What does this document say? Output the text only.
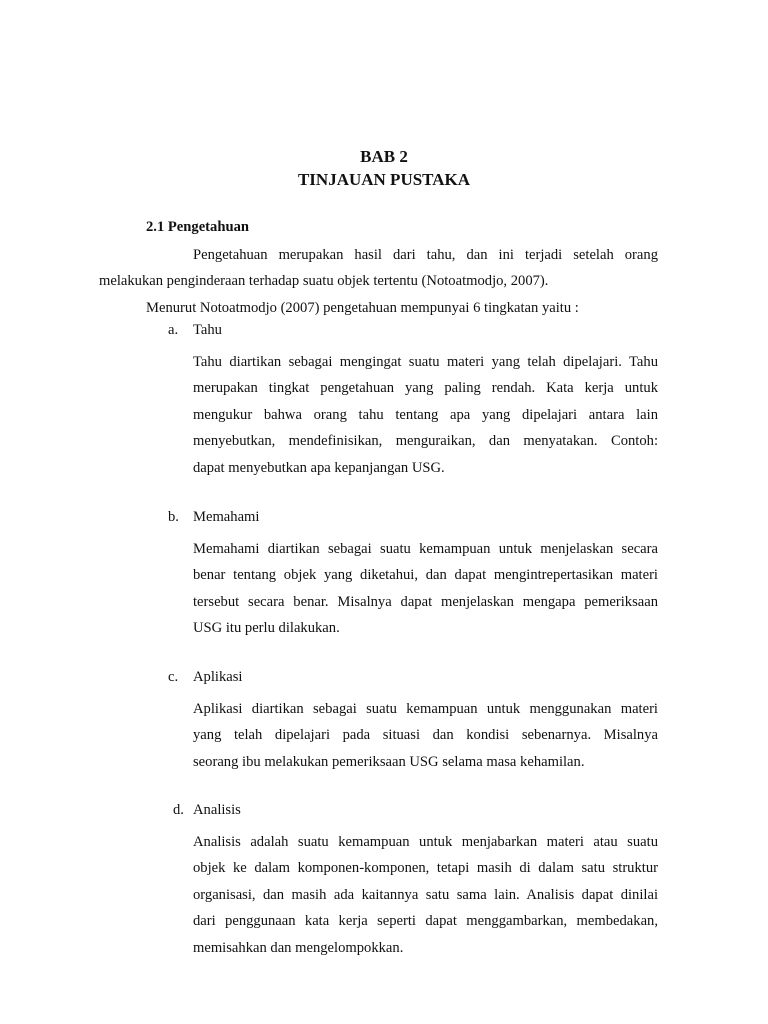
BAB 2
TINJAUAN PUSTAKA
2.1 Pengetahuan

Pengetahuan merupakan hasil dari tahu, dan ini terjadi setelah orang
melakukan penginderaan terhadap suatu objek tertentu (Notoatmodjo, 2007).

Menurut Notoatmodjo (2007) pengetahuan mempunyai 6 tingkatan yaitu :

a.	Tahu
Tahu diartikan sebagai mengingat suatu materi yang telah dipelajari. Tahu
merupakan tingkat pengetahuan yang paling rendah. Kata kerja untuk
mengukur bahwa orang tahu tentang apa yang dipelajari antara lain
menyebutkan, mendefinisikan, menguraikan, dan menyatakan. Contoh:
dapat menyebutkan apa kepanjangan USG.
b. Memahami
Memahami diartikan sebagai suatu kemampuan untuk menjelaskan secara
benar tentang objek yang diketahui, dan dapat mengintrepertasikan materi
tersebut secara benar. Misalnya dapat menjelaskan mengapa pemeriksaan
USG itu perlu dilakukan.
c.	Aplikasi
Aplikasi diartikan sebagai suatu kemampuan untuk menggunakan materi
yang telah dipelajari pada situasi dan kondisi sebenarnya. Misalnya
seorang ibu melakukan pemeriksaan USG selama masa kehamilan.
d. Analisis
Analisis adalah suatu kemampuan untuk menjabarkan materi atau suatu
objek ke dalam komponen-komponen, tetapi masih di dalam satu struktur
organisasi, dan masih ada kaitannya satu sama lain. Analisis dapat dinilai
dari penggunaan kata kerja seperti dapat menggambarkan, membedakan,
memisahkan dan mengelompokkan.
